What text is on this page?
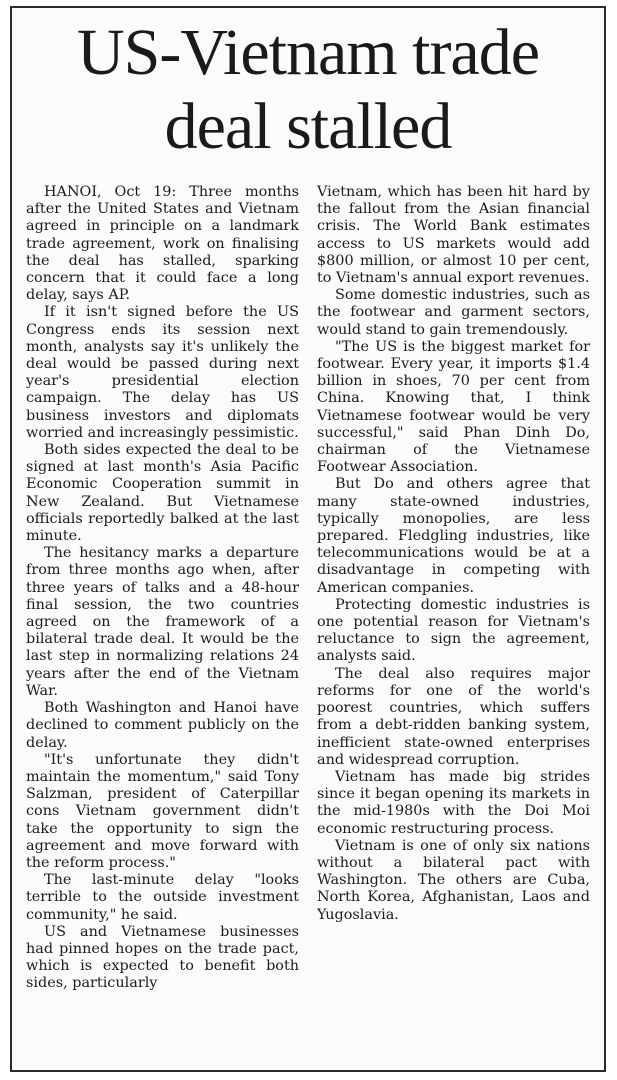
US-Vietnam trade
deal stalled

HANOI, Oct 19: Three months after the United States and Vietnam agreed in principle on a landmark trade agreement, work on finalising the deal has stalled, sparking concern that it could face a long delay, says AP.

If it isn't signed before the US Congress ends its session next month, analysts say it's unlikely the deal would be passed during next year's presidential election campaign. The delay has US business investors and diplomats worried and increasingly pessimistic.

Both sides expected the deal to be signed at last month's Asia Pacific Economic Cooperation summit in New Zealand. But Vietnamese officials reportedly balked at the last minute.

The hesitancy marks a departure from three months ago when, after three years of talks and a 48-hour final session, the two countries agreed on the framework of a bilateral trade deal. It would be the last step in normalizing relations 24 years after the end of the Vietnam War.

Both Washington and Hanoi have declined to comment publicly on the delay.

"It's unfortunate they didn't maintain the momentum," said Tony Salzman, president of Caterpillar cons Vietnam government didn't take the opportunity to sign the agreement and move forward with the reform process."

The last-minute delay "looks terrible to the outside investment community," he said.

US and Vietnamese businesses had pinned hopes on the trade pact, which is expected to benefit both sides, particularly

Vietnam, which has been hit hard by the fallout from the Asian financial crisis. The World Bank estimates access to US markets would add $800 million, or almost 10 per cent, to Vietnam's annual export revenues.

Some domestic industries, such as the footwear and garment sectors, would stand to gain tremendously.

"The US is the biggest market for footwear. Every year, it imports $1.4 billion in shoes, 70 per cent from China. Knowing that, I think Vietnamese footwear would be very successful," said Phan Dinh Do, chairman of the Vietnamese Footwear Association.

But Do and others agree that many state-owned industries, typically monopolies, are less prepared. Fledgling industries, like telecommunications would be at a disadvantage in competing with American companies.

Protecting domestic industries is one potential reason for Vietnam's reluctance to sign the agreement, analysts said.

The deal also requires major reforms for one of the world's poorest countries, which suffers from a debt-ridden banking system, inefficient state-owned enterprises and widespread corruption.

Vietnam has made big strides since it began opening its markets in the mid-1980s with the Doi Moi economic restructuring process.

Vietnam is one of only six nations without a bilateral pact with Washington. The others are Cuba, North Korea, Afghanistan, Laos and Yugoslavia.
